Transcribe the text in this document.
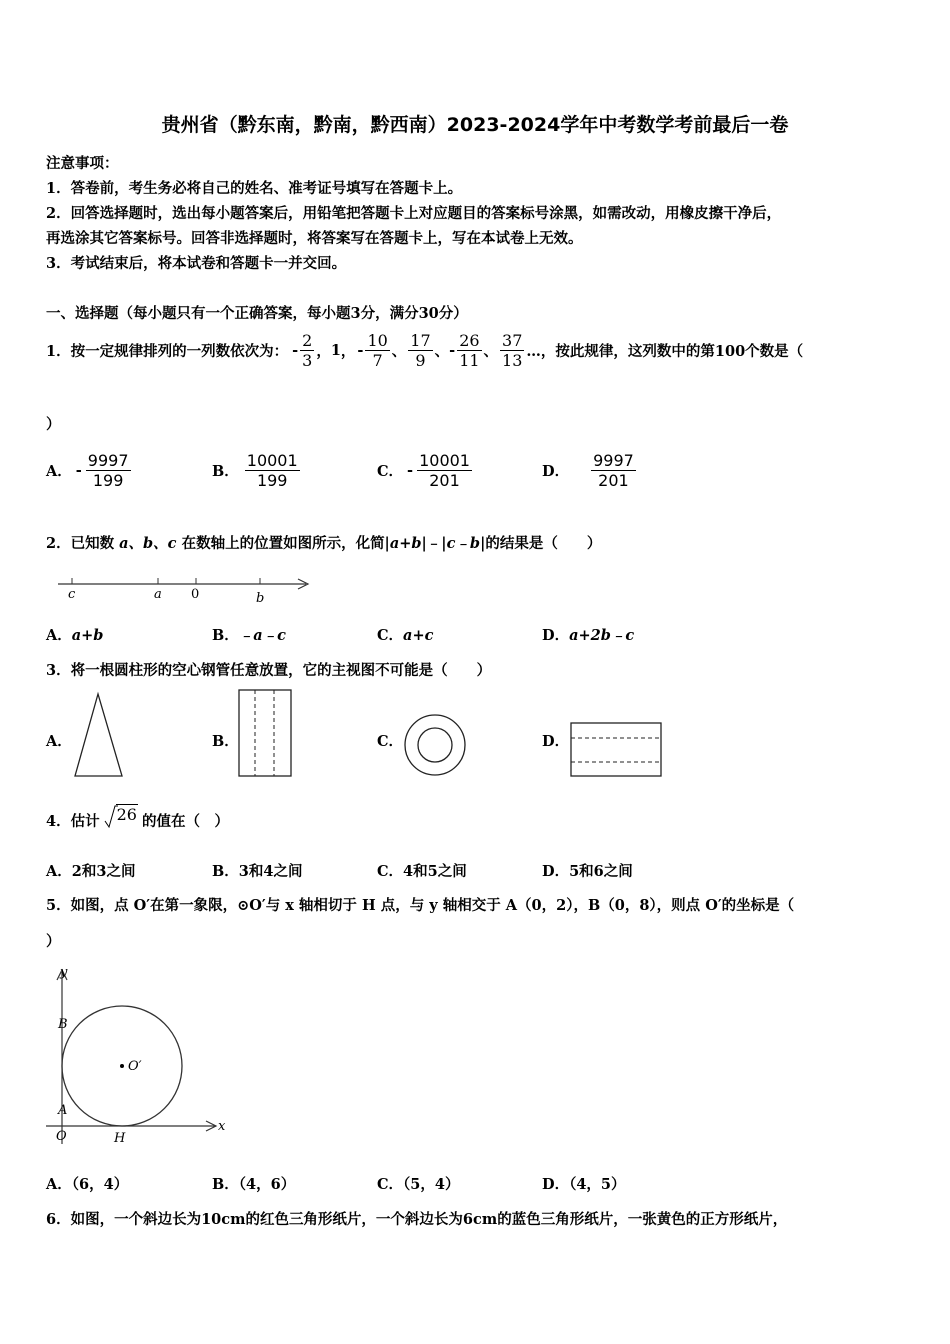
贵州省（黔东南，黔南，黔西南）2023-2024学年中考数学考前最后一卷
注意事项：
1．答卷前，考生务必将自己的姓名、准考证号填写在答题卡上。
2．回答选择题时，选出每小题答案后，用铅笔把答题卡上对应题目的答案标号涂黑，如需改动，用橡皮擦干净后，
再选涂其它答案标号。回答非选择题时，将答案写在答题卡上，写在本试卷上无效。
3．考试结束后，将本试卷和答题卡一并交回。
一、选择题（每小题只有一个正确答案，每小题3分，满分30分）
1．按一定规律排列的一列数依次为： - $\frac{2}{3}$ ， 1 ， - $\frac{10}{7}$ 、 $\frac{17}{9}$ 、 - $\frac{26}{11}$ 、 $\frac{37}{13}$ …，按此规律，这列数中的第100个数是（
）
A． - $\frac{9997}{199}$	B． $\frac{10001}{199}$	C． - $\frac{10001}{201}$	D． $\frac{9997}{201}$
2．已知数 a、b、c 在数轴上的位置如图所示，化简|a+b|﹣|c﹣b|的结果是（　　）
c	a 0	b
A．a+b	B．﹣a﹣c	C．a+c	D．a+2b﹣c
3．将一根圆柱形的空心钢管任意放置，它的主视图不可能是（　　）
A．	B．	C．	D．
4．估计	26 的值在（　）
A．2和3之间	B．3和4之间	C．4和5之间	D．5和6之间
5．如图，点 O′在第一象限，⊙O′与 x 轴相切于 H 点，与 y 轴相交于 A（0，2），B（0，8），则点 O′的坐标是（
）
y
x
B
A
O	H
O′
A．（6，4）	B．（4，6）	C．（5，4）	D．（4，5）
6．如图，一个斜边长为10cm的红色三角形纸片，一个斜边长为6cm的蓝色三角形纸片，一张黄色的正方形纸片，
